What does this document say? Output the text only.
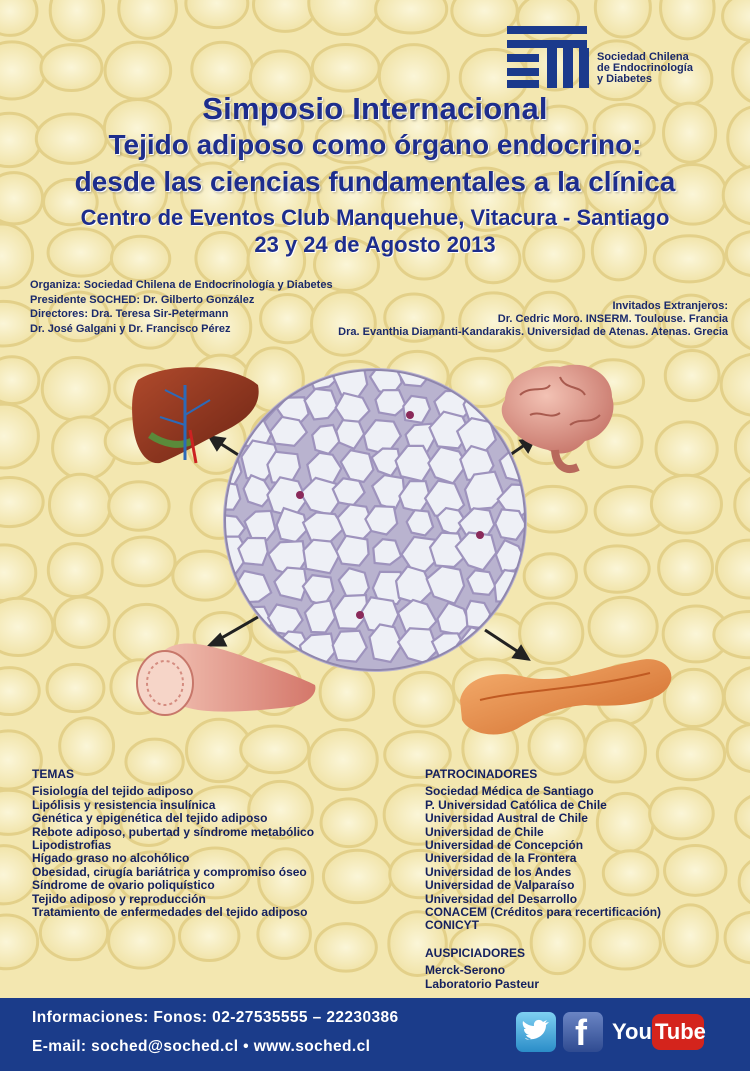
Sociedad Chilena
de Endocrinología
y Diabetes
Simposio Internacional
Tejido adiposo como órgano endocrino:
desde las ciencias fundamentales a la clínica
Centro de Eventos Club Manquehue, Vitacura - Santiago
23 y 24 de Agosto 2013
Organiza: Sociedad Chilena de Endocrinología y Diabetes
Presidente SOCHED: Dr. Gilberto González
Directores: Dra. Teresa Sir-Petermann
Dr. José Galgani y Dr. Francisco Pérez
Invitados Extranjeros:
Dr. Cedric Moro. INSERM. Toulouse. Francia
Dra. Evanthia Diamanti-Kandarakis. Universidad de Atenas. Atenas. Grecia
TEMAS
Fisiología del tejido adiposo
Lipólisis y resistencia insulínica
Genética y epigenética del tejido adiposo
Rebote adiposo, pubertad y síndrome metabólico
Lipodistrofias
Hígado graso no alcohólico
Obesidad, cirugía bariátrica y compromiso óseo
Síndrome de ovario poliquístico
Tejido adiposo y reproducción
Tratamiento de enfermedades del tejido adiposo
PATROCINADORES
Sociedad Médica de Santiago
P. Universidad Católica de Chile
Universidad Austral de Chile
Universidad de Chile
Universidad de Concepción
Universidad de la Frontera
Universidad de los Andes
Universidad de Valparaíso
Universidad del Desarrollo
CONACEM (Créditos para recertificación)
CONICYT
AUSPICIADORES
Merck-Serono
Laboratorio Pasteur
Informaciones: Fonos: 02-27535555 – 22230386
E-mail: soched@soched.cl • www.soched.cl	f You Tube
